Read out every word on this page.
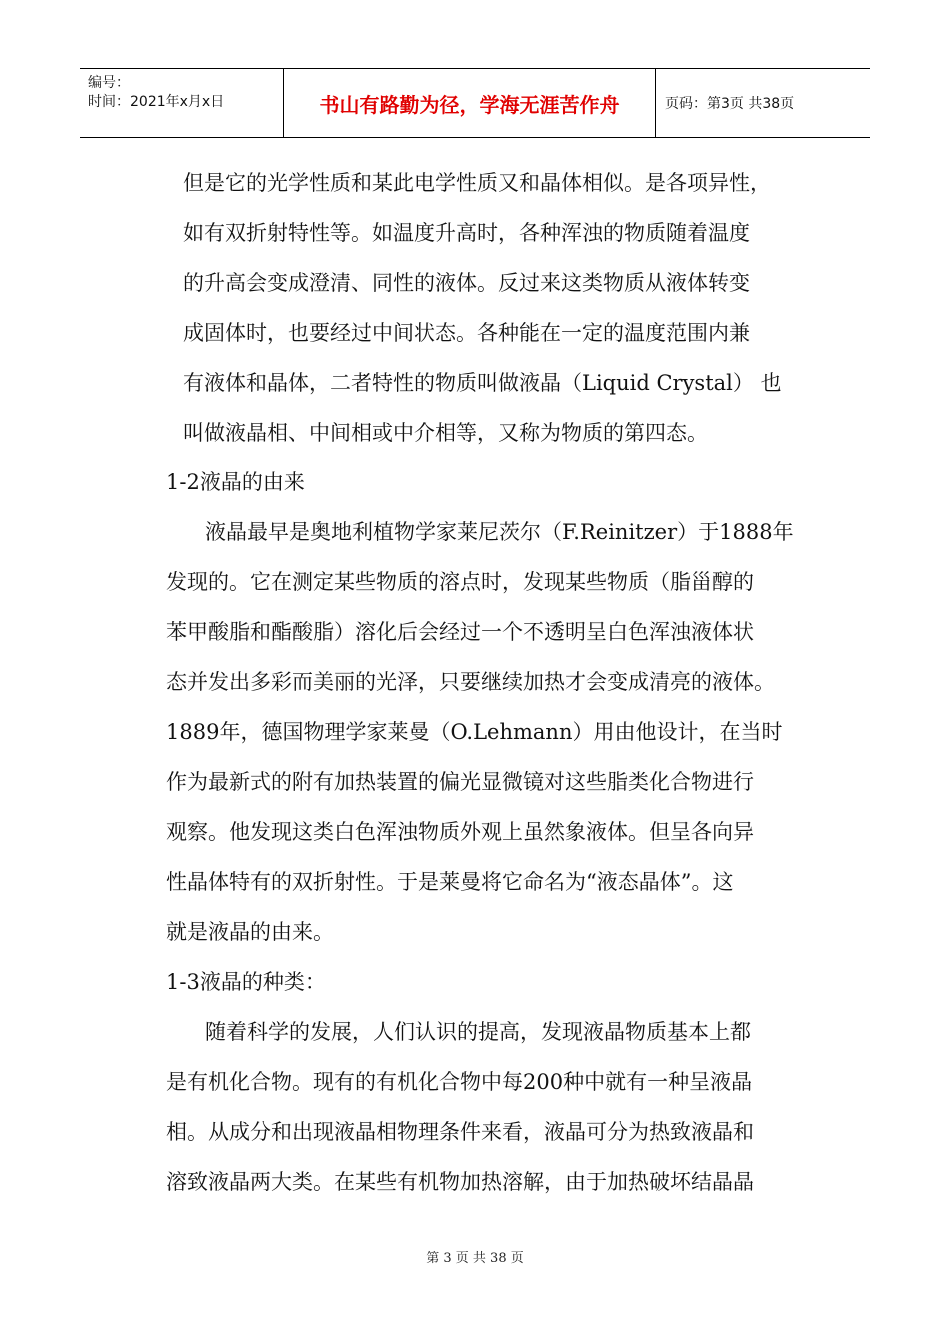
编号：
时间：2021年x月x日	书山有路勤为径，学海无涯苦作舟	页码：第3页 共38页
但是它的光学性质和某此电学性质又和晶体相似。是各项异性，
如有双折射特性等。如温度升高时，各种浑浊的物质随着温度
的升高会变成澄清、同性的液体。反过来这类物质从液体转变
成固体时，也要经过中间状态。各种能在一定的温度范围内兼
有液体和晶体，二者特性的物质叫做液晶（Liquid Crystal） 也
叫做液晶相、中间相或中介相等，又称为物质的第四态。
1-2液晶的由来
液晶最早是奥地利植物学家莱尼茨尔（F.Reinitzer）于1888年
发现的。它在测定某些物质的溶点时，发现某些物质（脂甾醇的
苯甲酸脂和酯酸脂）溶化后会经过一个不透明呈白色浑浊液体状
态并发出多彩而美丽的光泽，只要继续加热才会变成清亮的液体。
1889年，德国物理学家莱曼（O.Lehmann）用由他设计，在当时
作为最新式的附有加热装置的偏光显微镜对这些脂类化合物进行
观察。他发现这类白色浑浊物质外观上虽然象液体。但呈各向异
性晶体特有的双折射性。于是莱曼将它命名为“液态晶体”。这
就是液晶的由来。
1-3液晶的种类：
随着科学的发展，人们认识的提高，发现液晶物质基本上都
是有机化合物。现有的有机化合物中每200种中就有一种呈液晶
相。从成分和出现液晶相物理条件来看，液晶可分为热致液晶和
溶致液晶两大类。在某些有机物加热溶解，由于加热破坏结晶晶
第 3 页 共 38 页
